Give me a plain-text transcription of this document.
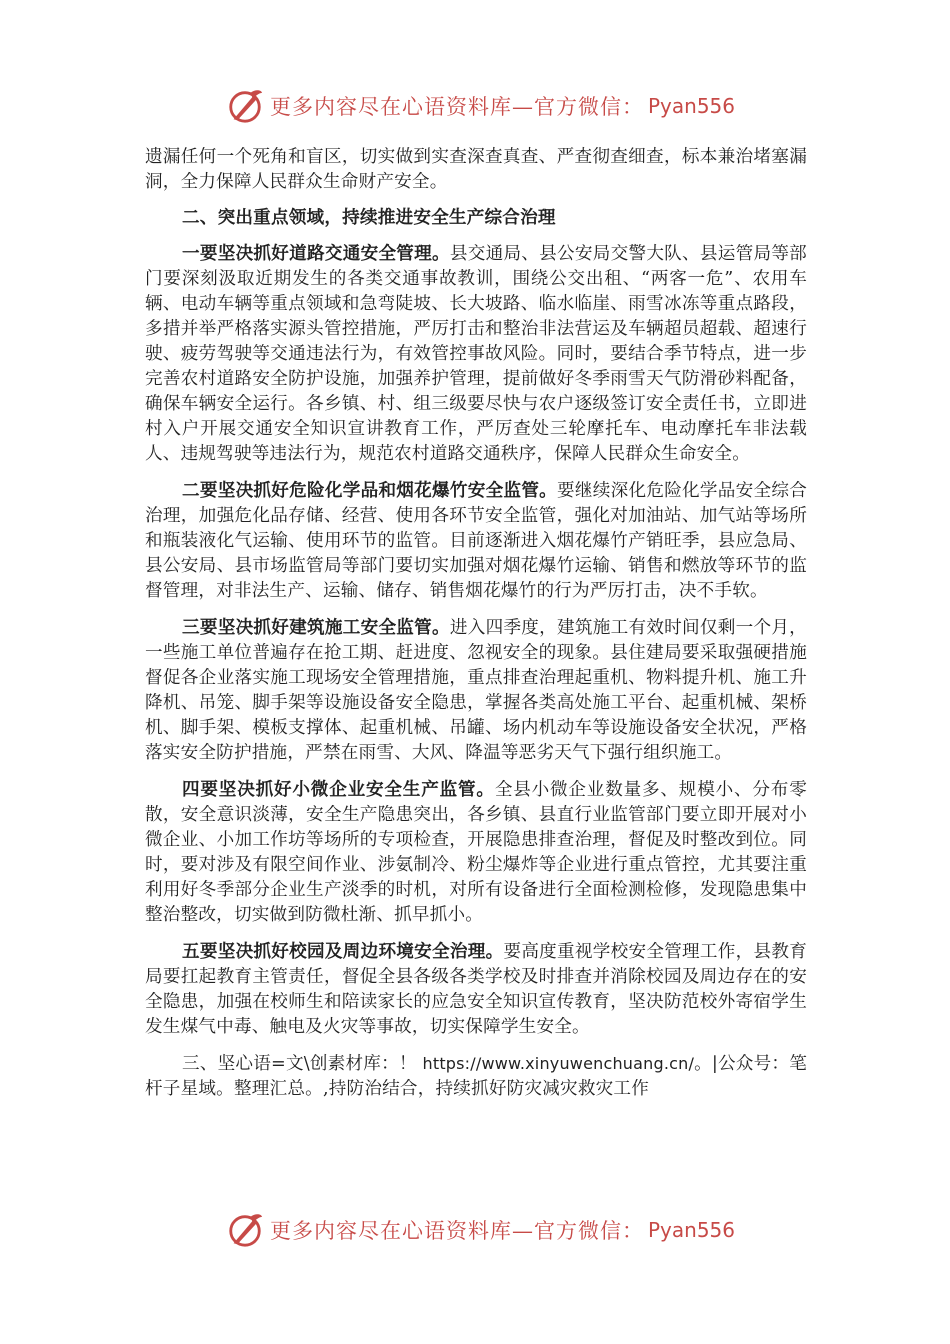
更多内容尽在心语资料库—官方微信： Pyan556

遗漏任何一个死角和盲区，切实做到实查深查真查、严查彻查细查，标本兼治堵塞漏洞，全力保障人民群众生命财产安全。

二、突出重点领域，持续推进安全生产综合治理

一要坚决抓好道路交通安全管理。县交通局、县公安局交警大队、县运管局等部门要深刻汲取近期发生的各类交通事故教训，围绕公交出租、“两客一危”、农用车辆、电动车辆等重点领域和急弯陡坡、长大坡路、临水临崖、雨雪冰冻等重点路段，多措并举严格落实源头管控措施，严厉打击和整治非法营运及车辆超员超载、超速行驶、疲劳驾驶等交通违法行为，有效管控事故风险。同时，要结合季节特点，进一步完善农村道路安全防护设施，加强养护管理，提前做好冬季雨雪天气防滑砂料配备，确保车辆安全运行。各乡镇、村、组三级要尽快与农户逐级签订安全责任书，立即进村入户开展交通安全知识宣讲教育工作，严厉查处三轮摩托车、电动摩托车非法载人、违规驾驶等违法行为，规范农村道路交通秩序，保障人民群众生命安全。

二要坚决抓好危险化学品和烟花爆竹安全监管。要继续深化危险化学品安全综合治理，加强危化品存储、经营、使用各环节安全监管，强化对加油站、加气站等场所和瓶装液化气运输、使用环节的监管。目前逐渐进入烟花爆竹产销旺季，县应急局、县公安局、县市场监管局等部门要切实加强对烟花爆竹运输、销售和燃放等环节的监督管理，对非法生产、运输、储存、销售烟花爆竹的行为严厉打击，决不手软。

三要坚决抓好建筑施工安全监管。进入四季度，建筑施工有效时间仅剩一个月，一些施工单位普遍存在抢工期、赶进度、忽视安全的现象。县住建局要采取强硬措施督促各企业落实施工现场安全管理措施，重点排查治理起重机、物料提升机、施工升降机、吊笼、脚手架等设施设备安全隐患，掌握各类高处施工平台、起重机械、架桥机、脚手架、模板支撑体、起重机械、吊罐、场内机动车等设施设备安全状况，严格落实安全防护措施，严禁在雨雪、大风、降温等恶劣天气下强行组织施工。

四要坚决抓好小微企业安全生产监管。全县小微企业数量多、规模小、分布零散，安全意识淡薄，安全生产隐患突出，各乡镇、县直行业监管部门要立即开展对小微企业、小加工作坊等场所的专项检查，开展隐患排查治理，督促及时整改到位。同时，要对涉及有限空间作业、涉氨制冷、粉尘爆炸等企业进行重点管控，尤其要注重利用好冬季部分企业生产淡季的时机，对所有设备进行全面检测检修，发现隐患集中整治整改，切实做到防微杜渐、抓早抓小。

五要坚决抓好校园及周边环境安全治理。要高度重视学校安全管理工作，县教育局要扛起教育主管责任，督促全县各级各类学校及时排查并消除校园及周边存在的安全隐患，加强在校师生和陪读家长的应急安全知识宣传教育，坚决防范校外寄宿学生发生煤气中毒、触电及火灾等事故，切实保障学生安全。

三、坚心语=文\创素材库：！ https://www.xinyuwenchuang.cn/。|公众号：笔杆子星域。整理汇总。,持防治结合，持续抓好防灾减灾救灾工作

更多内容尽在心语资料库—官方微信： Pyan556
